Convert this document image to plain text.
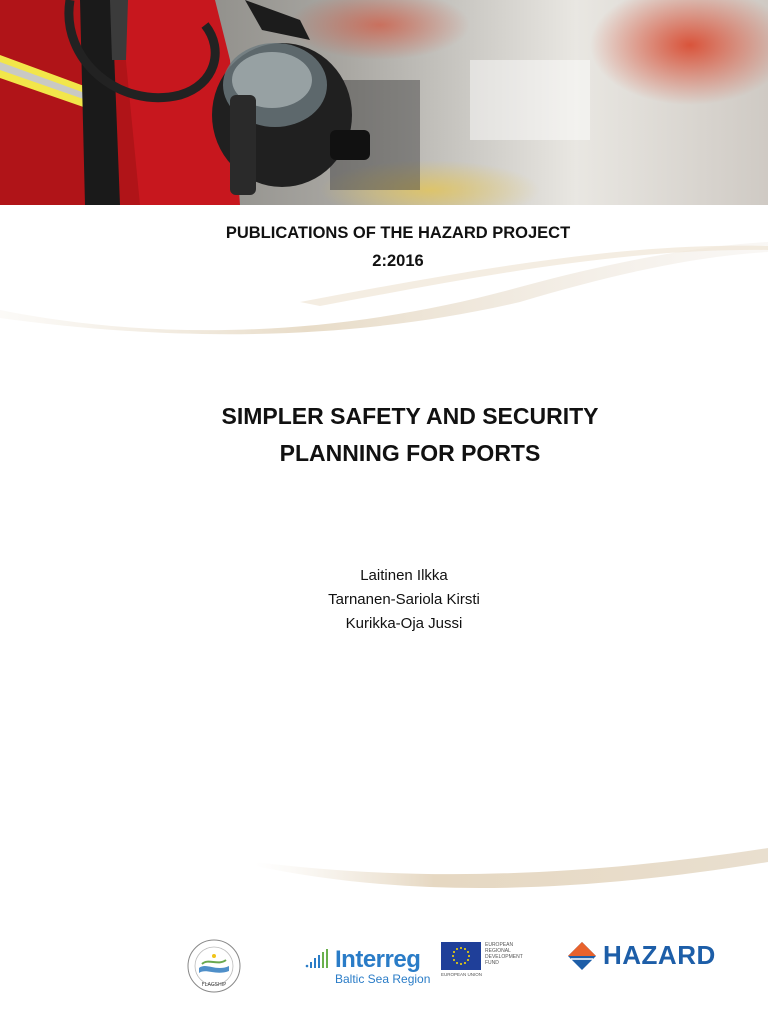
PUBLICATIONS OF THE HAZARD PROJECT
2:2016
SIMPLER SAFETY AND SECURITY
PLANNING FOR PORTS
Laitinen Ilkka
Tarnanen-Sariola Kirsti
Kurikka-Oja Jussi
FLAGSHIP
Interreg
Baltic Sea Region
EUROPEAN REGIONAL DEVELOPMENT FUND
EUROPEAN UNION
HAZARD
